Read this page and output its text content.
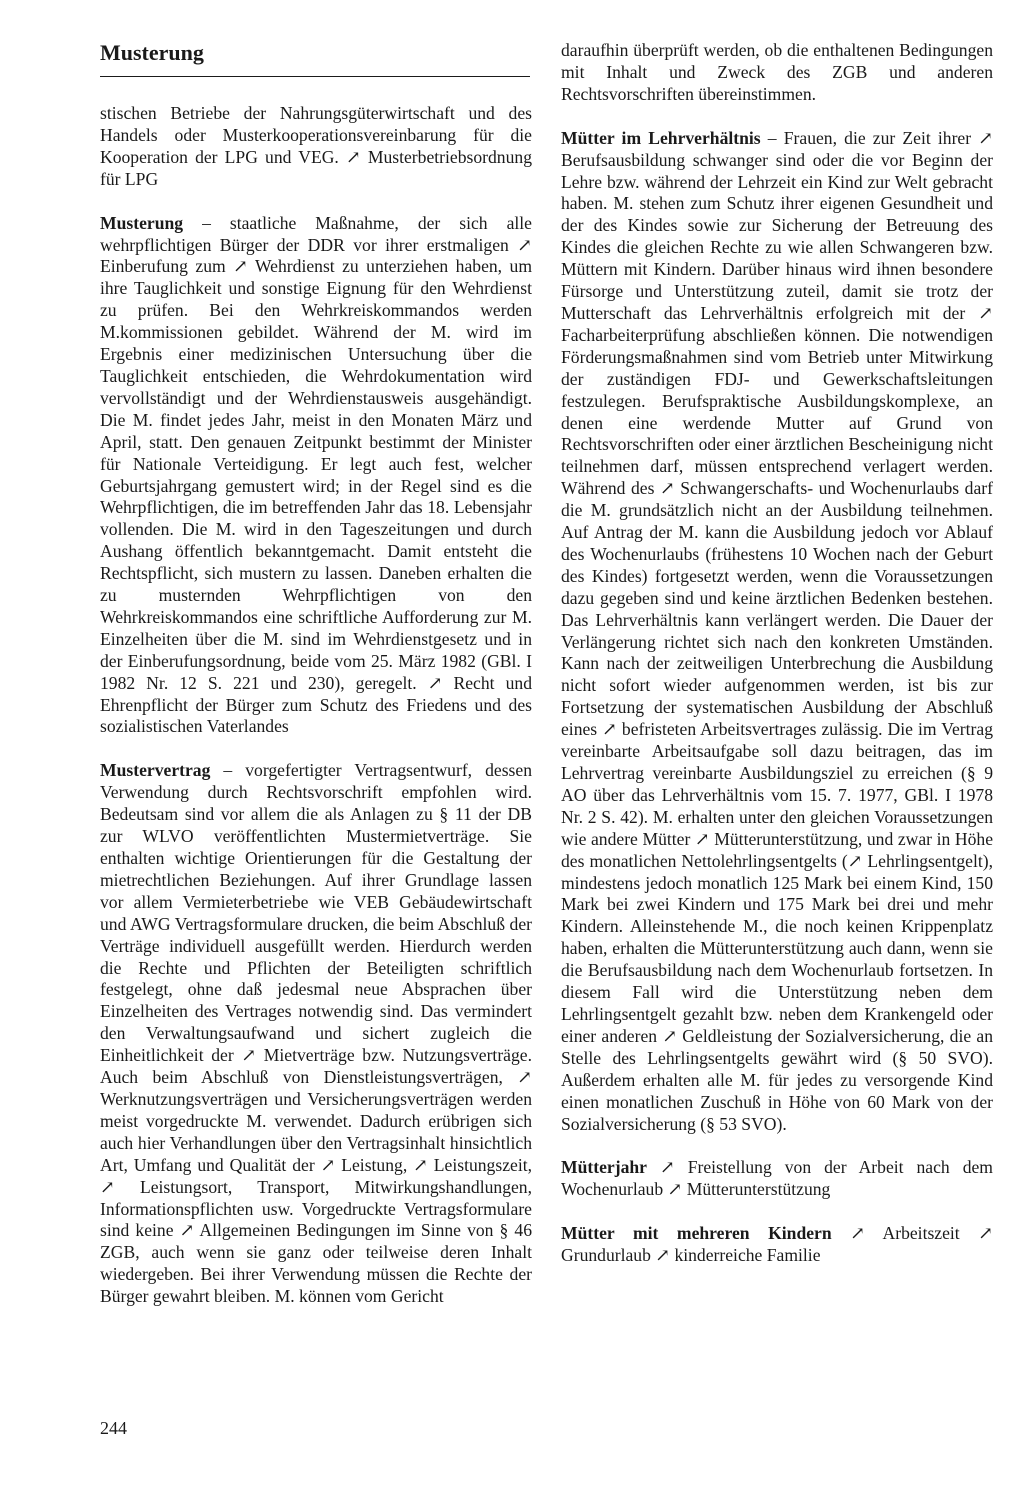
Musterung

stischen Betriebe der Nahrungsgüterwirtschaft und des Handels oder Musterkooperationsvereinbarung für die Kooperation der LPG und VEG. ↗ Musterbetriebsordnung für LPG

Musterung – staatliche Maßnahme, der sich alle wehrpflichtigen Bürger der DDR vor ihrer erstmaligen ↗ Einberufung zum ↗ Wehrdienst zu unterziehen haben, um ihre Tauglichkeit und sonstige Eignung für den Wehrdienst zu prüfen. Bei den Wehrkreiskommandos werden M.kommissionen gebildet. Während der M. wird im Ergebnis einer medizinischen Untersuchung über die Tauglichkeit entschieden, die Wehrdokumentation wird vervollständigt und der Wehrdienstausweis ausgehändigt. Die M. findet jedes Jahr, meist in den Monaten März und April, statt. Den genauen Zeitpunkt bestimmt der Minister für Nationale Verteidigung. Er legt auch fest, welcher Geburtsjahrgang gemustert wird; in der Regel sind es die Wehrpflichtigen, die im betreffenden Jahr das 18. Lebensjahr vollenden. Die M. wird in den Tageszeitungen und durch Aushang öffentlich bekanntgemacht. Damit entsteht die Rechtspflicht, sich mustern zu lassen. Daneben erhalten die zu musternden Wehrpflichtigen von den Wehrkreiskommandos eine schriftliche Aufforderung zur M. Einzelheiten über die M. sind im Wehrdienstgesetz und in der Einberufungsordnung, beide vom 25. März 1982 (GBl. I 1982 Nr. 12 S. 221 und 230), geregelt. ↗ Recht und Ehrenpflicht der Bürger zum Schutz des Friedens und des sozialistischen Vaterlandes

Mustervertrag – vorgefertigter Vertragsentwurf, dessen Verwendung durch Rechtsvorschrift empfohlen wird. Bedeutsam sind vor allem die als Anlagen zu § 11 der DB zur WLVO veröffentlichten Mustermietverträge. Sie enthalten wichtige Orientierungen für die Gestaltung der mietrechtlichen Beziehungen. Auf ihrer Grundlage lassen vor allem Vermieterbetriebe wie VEB Gebäudewirtschaft und AWG Vertragsformulare drucken, die beim Abschluß der Verträge individuell ausgefüllt werden. Hierdurch werden die Rechte und Pflichten der Beteiligten schriftlich festgelegt, ohne daß jedesmal neue Absprachen über Einzelheiten des Vertrages notwendig sind. Das vermindert den Verwaltungsaufwand und sichert zugleich die Einheitlichkeit der ↗ Mietverträge bzw. Nutzungsverträge. Auch beim Abschluß von Dienstleistungsverträgen, ↗ Werknutzungsverträgen und Versicherungsverträgen werden meist vorgedruckte M. verwendet. Dadurch erübrigen sich auch hier Verhandlungen über den Vertragsinhalt hinsichtlich Art, Umfang und Qualität der ↗ Leistung, ↗ Leistungszeit, ↗ Leistungsort, Transport, Mitwirkungshandlungen, Informationspflichten usw. Vorgedruckte Vertragsformulare sind keine ↗ Allgemeinen Bedingungen im Sinne von § 46 ZGB, auch wenn sie ganz oder teilweise deren Inhalt wiedergeben. Bei ihrer Verwendung müssen die Rechte der Bürger gewahrt bleiben. M. können vom Gericht

daraufhin überprüft werden, ob die enthaltenen Bedingungen mit Inhalt und Zweck des ZGB und anderen Rechtsvorschriften übereinstimmen.

Mütter im Lehrverhältnis – Frauen, die zur Zeit ihrer ↗ Berufsausbildung schwanger sind oder die vor Beginn der Lehre bzw. während der Lehrzeit ein Kind zur Welt gebracht haben. M. stehen zum Schutz ihrer eigenen Gesundheit und der des Kindes sowie zur Sicherung der Betreuung des Kindes die gleichen Rechte zu wie allen Schwangeren bzw. Müttern mit Kindern. Darüber hinaus wird ihnen besondere Fürsorge und Unterstützung zuteil, damit sie trotz der Mutterschaft das Lehrverhältnis erfolgreich mit der ↗ Facharbeiterprüfung abschließen können. Die notwendigen Förderungsmaßnahmen sind vom Betrieb unter Mitwirkung der zuständigen FDJ- und Gewerkschaftsleitungen festzulegen. Berufspraktische Ausbildungskomplexe, an denen eine werdende Mutter auf Grund von Rechtsvorschriften oder einer ärztlichen Bescheinigung nicht teilnehmen darf, müssen entsprechend verlagert werden. Während des ↗ Schwangerschafts- und Wochenurlaubs darf die M. grundsätzlich nicht an der Ausbildung teilnehmen. Auf Antrag der M. kann die Ausbildung jedoch vor Ablauf des Wochenurlaubs (frühestens 10 Wochen nach der Geburt des Kindes) fortgesetzt werden, wenn die Voraussetzungen dazu gegeben sind und keine ärztlichen Bedenken bestehen. Das Lehrverhältnis kann verlängert werden. Die Dauer der Verlängerung richtet sich nach den konkreten Umständen. Kann nach der zeitweiligen Unterbrechung die Ausbildung nicht sofort wieder aufgenommen werden, ist bis zur Fortsetzung der systematischen Ausbildung der Abschluß eines ↗ befristeten Arbeitsvertrages zulässig. Die im Vertrag vereinbarte Arbeitsaufgabe soll dazu beitragen, das im Lehrvertrag vereinbarte Ausbildungsziel zu erreichen (§ 9 AO über das Lehrverhältnis vom 15. 7. 1977, GBl. I 1978 Nr. 2 S. 42). M. erhalten unter den gleichen Voraussetzungen wie andere Mütter ↗ Mütterunterstützung, und zwar in Höhe des monatlichen Nettolehrlingsentgelts (↗ Lehrlingsentgelt), mindestens jedoch monatlich 125 Mark bei einem Kind, 150 Mark bei zwei Kindern und 175 Mark bei drei und mehr Kindern. Alleinstehende M., die noch keinen Krippenplatz haben, erhalten die Mütterunterstützung auch dann, wenn sie die Berufsausbildung nach dem Wochenurlaub fortsetzen. In diesem Fall wird die Unterstützung neben dem Lehrlingsentgelt gezahlt bzw. neben dem Krankengeld oder einer anderen ↗ Geldleistung der Sozialversicherung, die an Stelle des Lehrlingsentgelts gewährt wird (§ 50 SVO). Außerdem erhalten alle M. für jedes zu versorgende Kind einen monatlichen Zuschuß in Höhe von 60 Mark von der Sozialversicherung (§ 53 SVO).

Mütterjahr ↗ Freistellung von der Arbeit nach dem Wochenurlaub ↗ Mütterunterstützung

Mütter mit mehreren Kindern ↗ Arbeitszeit ↗ Grundurlaub ↗ kinderreiche Familie

244
